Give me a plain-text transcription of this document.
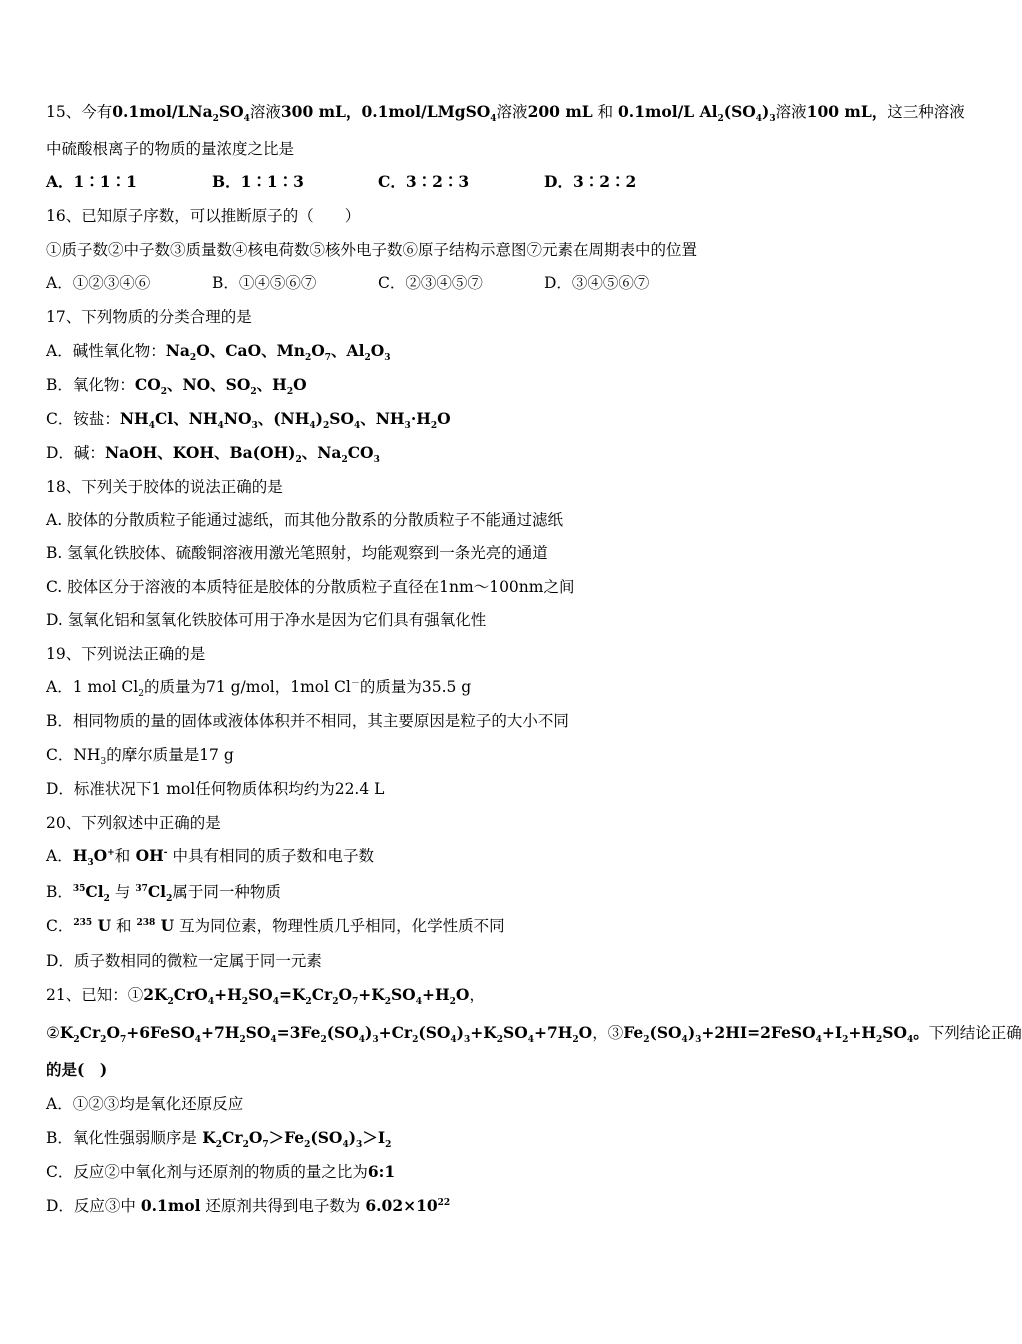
15、今有$0.1mol/LNa_2SO_4$溶液300 mL，0.1mol/LMgSO$_4$溶液200 mL 和 0.1mol/L $Al_2(SO_4)_3$溶液100 mL，这三种溶液
中硫酸根离子的物质的量浓度之比是
A．1∶1∶1	B．1∶1∶3	C．3∶2∶3	D．3∶2∶2
16、已知原子序数，可以推断原子的（　　）
①质子数②中子数③质量数④核电荷数⑤核外电子数⑥原子结构示意图⑦元素在周期表中的位置
A．①②③④⑥	B．①④⑤⑥⑦	C．②③④⑤⑦	D．③④⑤⑥⑦
17、下列物质的分类合理的是
A．碱性氧化物：$Na_2O$、CaO、$Mn_2O_7$、$Al_2O_3$
B．氧化物：$CO_2$、NO、$SO_2$、$H_2O$
C．铵盐：$NH_4Cl$、$NH_4NO_3$、$(NH_4)_2SO_4$、$NH_3\cdot H_2O$
D．碱：NaOH、KOH、$Ba(OH)_2$、$Na_2CO_3$
18、下列关于胶体的说法正确的是
A. 胶体的分散质粒子能通过滤纸，而其他分散系的分散质粒子不能通过滤纸
B. 氢氧化铁胶体、硫酸铜溶液用激光笔照射，均能观察到一条光亮的通道
C. 胶体区分于溶液的本质特征是胶体的分散质粒子直径在1nm～100nm之间
D. 氢氧化铝和氢氧化铁胶体可用于净水是因为它们具有强氧化性
19、下列说法正确的是
A．1 mol $Cl_2$的质量为71 g/mol，1mol Cl－的质量为35.5 g
B．相同物质的量的固体或液体体积并不相同，其主要原因是粒子的大小不同
C．$NH_3$的摩尔质量是17 g
D．标准状况下1 mol任何物质体积均约为22.4 L
20、下列叙述中正确的是
A．$H_3O^+$和 OH- 中具有相同的质子数和电子数
B．$^{35}Cl_2$ 与 $^{37}Cl_2$属于同一种物质
C．$^{235}$ U 和 $^{238}$ U 互为同位素，物理性质几乎相同，化学性质不同
D．质子数相同的微粒一定属于同一元素
21、已知：$①2K_2CrO_4+H_2SO_4=K_2Cr_2O_7+K_2SO_4+H_2O$，
$②K_2Cr_2O_7+6FeSO_4+7H_2SO_4=3Fe_2(SO_4)_3+Cr_2(SO_4)_3+K_2SO_4+7H_2O$，$③Fe_2(SO_4)_3+2HI=2FeSO_4+I_2+H_2SO_4$。下列结论正确
的是(　)
A．①②③均是氧化还原反应
B．氧化性强弱顺序是 $K_2Cr_2O_7>Fe_2(SO_4)_3>I_2$
C．反应②中氧化剂与还原剂的物质的量之比为6:1
D．反应③中 0.1mol 还原剂共得到电子数为 $6.02\times 10^{22}$
